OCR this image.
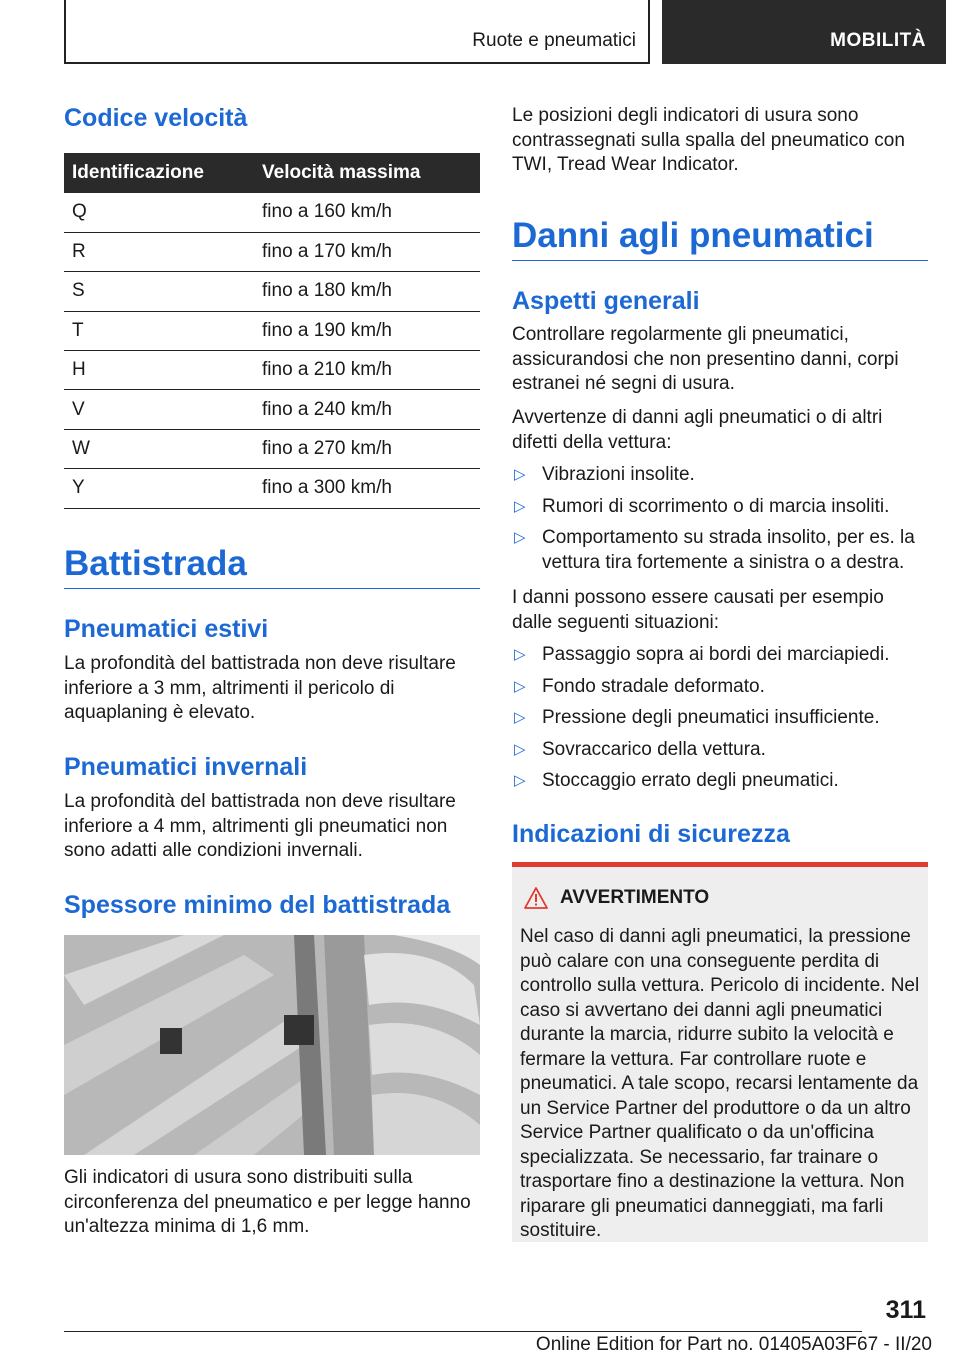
Ruote e pneumatici	MOBILITÀ
Codice velocità
Identificazione	Velocità massima
Q	fino a 160 km/h
R	fino a 170 km/h
S	fino a 180 km/h
T	fino a 190 km/h
H	fino a 210 km/h
V	fino a 240 km/h
W	fino a 270 km/h
Y	fino a 300 km/h
Battistrada
Pneumatici estivi

La profondità del battistrada non deve risultare inferiore a 3 mm, altrimenti il pericolo di aquaplaning è elevato.

Pneumatici invernali

La profondità del battistrada non deve risultare inferiore a 4 mm, altrimenti gli pneumatici non sono adatti alle condizioni invernali.

Spessore minimo del battistrada

Gli indicatori di usura sono distribuiti sulla circonferenza del pneumatico e per legge hanno un'altezza minima di 1,6 mm.

Le posizioni degli indicatori di usura sono contrassegnati sulla spalla del pneumatico con TWI, Tread Wear Indicator.

Danni agli pneumatici
Aspetti generali

Controllare regolarmente gli pneumatici, assicurandosi che non presentino danni, corpi estranei né segni di usura.

Avvertenze di danni agli pneumatici o di altri difetti della vettura:

▷ Vibrazioni insolite.
▷ Rumori di scorrimento o di marcia insoliti.
▷ Comportamento su strada insolito, per es. la vettura tira fortemente a sinistra o a destra.

I danni possono essere causati per esempio dalle seguenti situazioni:

▷ Passaggio sopra ai bordi dei marciapiedi.
▷ Fondo stradale deformato.
▷ Pressione degli pneumatici insufficiente.
▷ Sovraccarico della vettura.
▷ Stoccaggio errato degli pneumatici.
Indicazioni di sicurezza
AVVERTIMENTO

Nel caso di danni agli pneumatici, la pressione può calare con una conseguente perdita di controllo sulla vettura. Pericolo di incidente. Nel caso si avvertano dei danni agli pneumatici durante la marcia, ridurre subito la velocità e fermare la vettura. Far controllare ruote e pneumatici. A tale scopo, recarsi lentamente da un Service Partner del produttore o da un altro Service Partner qualificato o da un'officina specializzata. Se necessario, far trainare o trasportare fino a destinazione la vettura. Non riparare gli pneumatici danneggiati, ma farli sostituire.

311
Online Edition for Part no. 01405A03F67 - II/20
